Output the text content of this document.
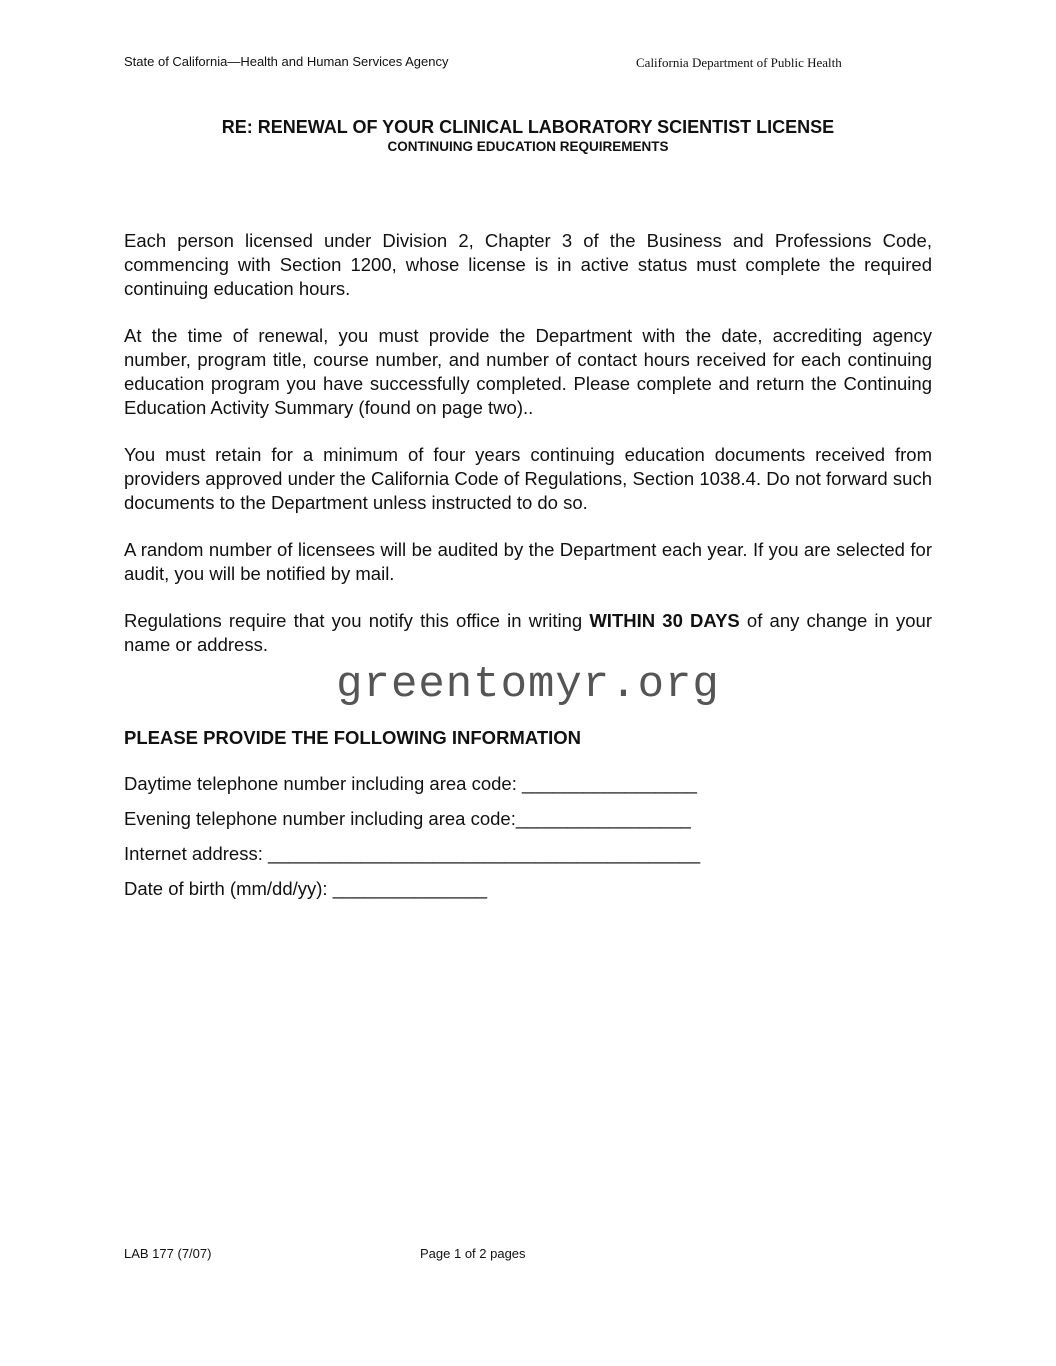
State of California—Health and Human Services Agency	California Department of Public Health
RE: RENEWAL OF YOUR CLINICAL LABORATORY SCIENTIST LICENSE
CONTINUING EDUCATION REQUIREMENTS
Each person licensed under Division 2, Chapter 3 of the Business and Professions Code, commencing with Section 1200, whose license is in active status must complete the required continuing education hours.
At the time of renewal, you must provide the Department with the date, accrediting agency number, program title, course number, and number of contact hours received for each continuing education program you have successfully completed. Please complete and return the Continuing Education Activity Summary (found on page two)..
You must retain for a minimum of four years continuing education documents received from providers approved under the California Code of Regulations, Section 1038.4. Do not forward such documents to the Department unless instructed to do so.
A random number of licensees will be audited by the Department each year. If you are selected for audit, you will be notified by mail.
Regulations require that you notify this office in writing WITHIN 30 DAYS of any change in your name or address.
greentomyr.org
PLEASE PROVIDE THE FOLLOWING INFORMATION
Daytime telephone number including area code: _________________
Evening telephone number including area code:_________________
Internet address: __________________________________________
Date of birth (mm/dd/yy): _______________
LAB 177 (7/07)	Page 1 of 2 pages
